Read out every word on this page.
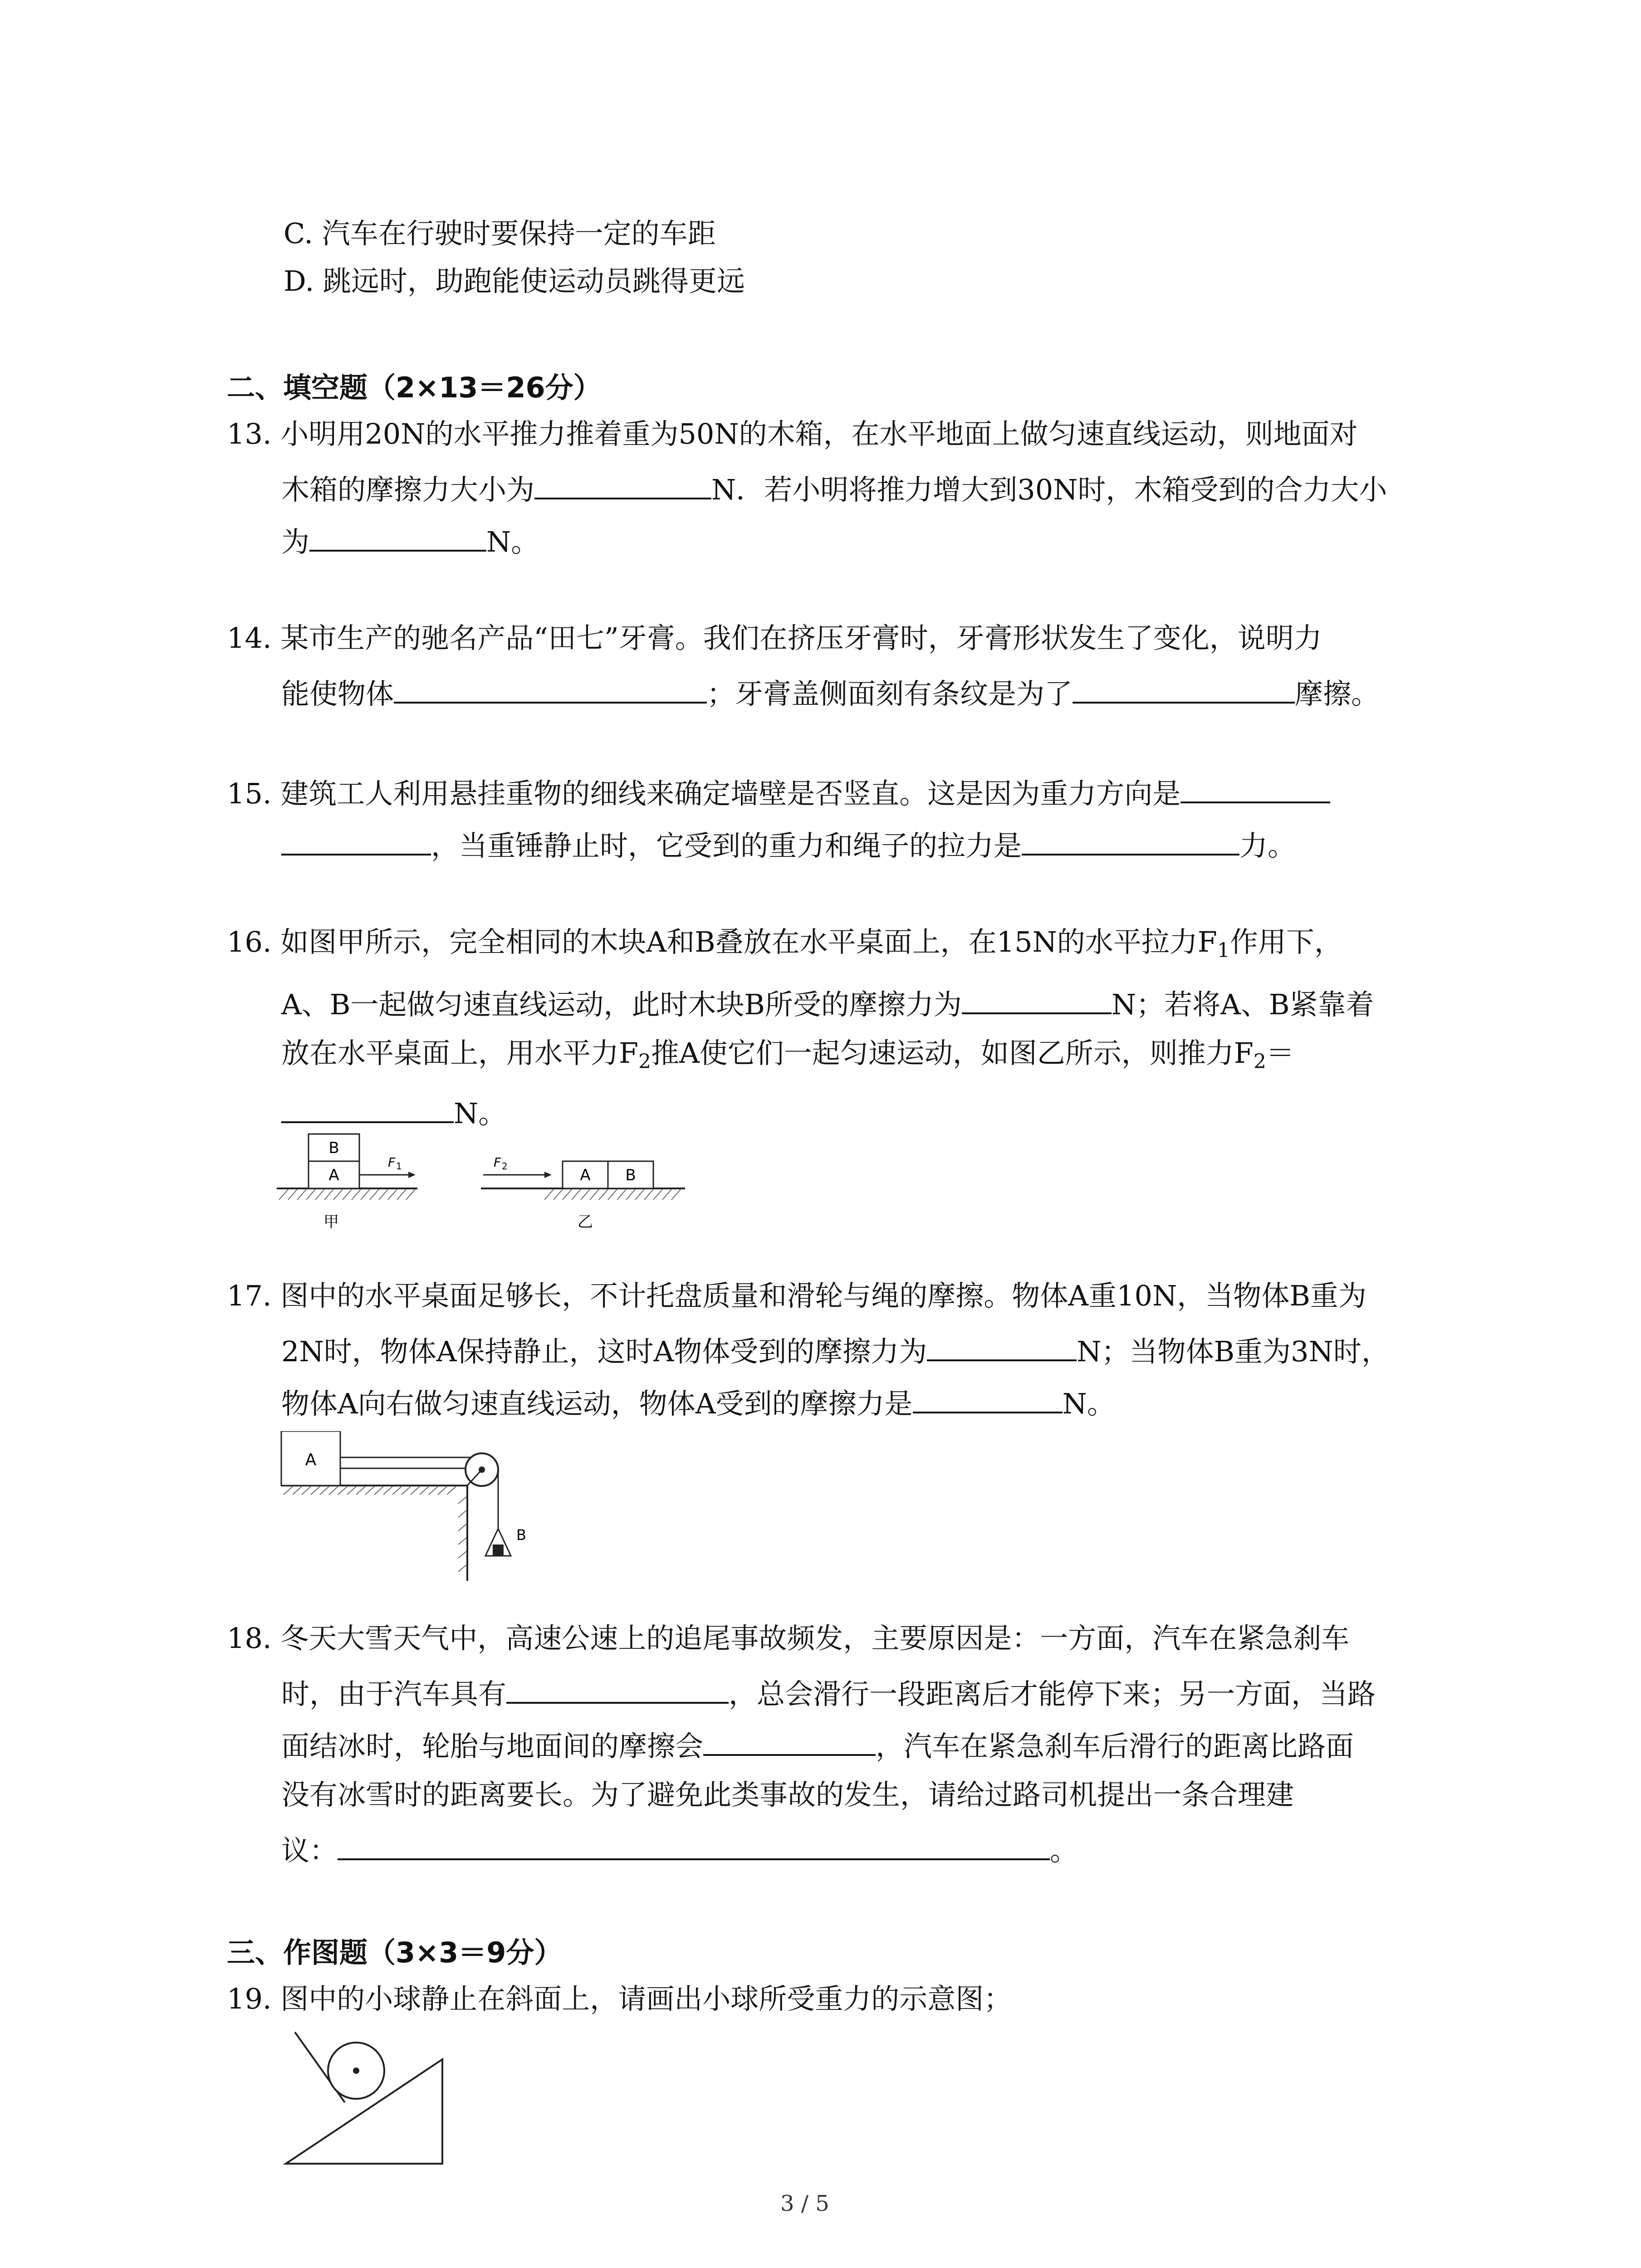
C. 汽车在行驶时要保持一定的车距
D. 跳远时，助跑能使运动员跳得更远
二、填空题（2×13＝26分）
13. 小明用20N的水平推力推着重为50N的木箱，在水平地面上做匀速直线运动，则地面对
木箱的摩擦力大小为	N．若小明将推力增大到30N时，木箱受到的合力大小
为	N。
14. 某市生产的驰名产品“田七”牙膏。我们在挤压牙膏时，牙膏形状发生了变化，说明力
能使物体	；牙膏盖侧面刻有条纹是为了	摩擦。
15. 建筑工人利用悬挂重物的细线来确定墙壁是否竖直。这是因为重力方向是
，当重锤静止时，它受到的重力和绳子的拉力是	力。
16. 如图甲所示，完全相同的木块A和B叠放在水平桌面上，在15N的水平拉力$F_1$作用下，
A、B一起做匀速直线运动，此时木块B所受的摩擦力为	N；若将A、B紧靠着
放在水平桌面上，用水平力$F_2$推A使它们一起匀速运动，如图乙所示，则推力$F_2=$
N。
A
B
F 1
甲
F 2	A B
乙
17. 图中的水平桌面足够长，不计托盘质量和滑轮与绳的摩擦。物体A重10N，当物体B重为
2N时，物体A保持静止，这时A物体受到的摩擦力为	N；当物体B重为3N时，
物体A向右做匀速直线运动，物体A受到的摩擦力是	N。
A
B
18. 冬天大雪天气中，高速公速上的追尾事故频发，主要原因是：一方面，汽车在紧急刹车
时，由于汽车具有	，总会滑行一段距离后才能停下来；另一方面，当路
面结冰时，轮胎与地面间的摩擦会	，汽车在紧急刹车后滑行的距离比路面
没有冰雪时的距离要长。为了避免此类事故的发生，请给过路司机提出一条合理建
议：	。
三、作图题（3×3＝9分）
19. 图中的小球静止在斜面上，请画出小球所受重力的示意图；
3 / 5
